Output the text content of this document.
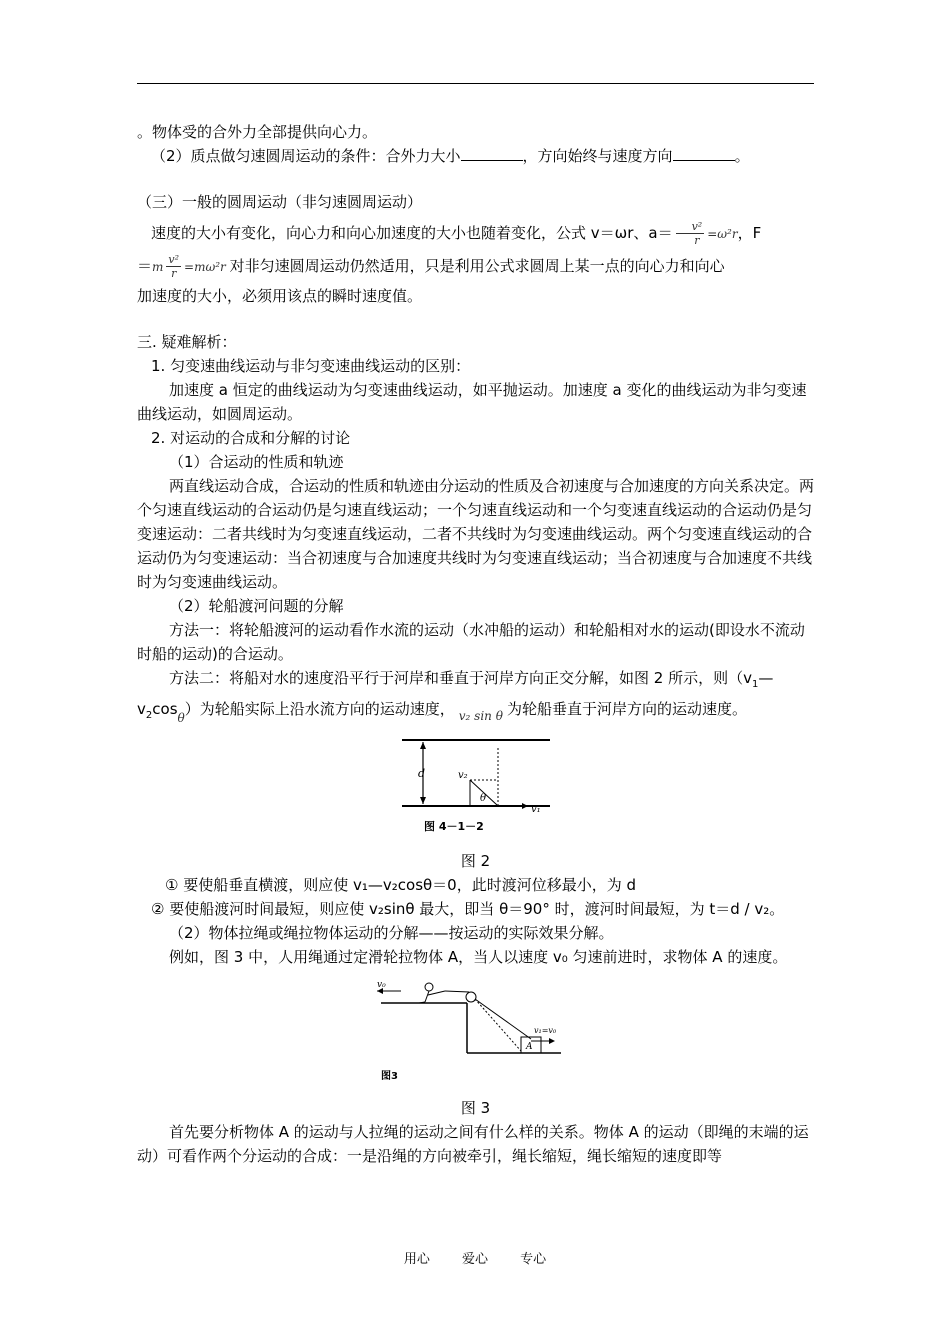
。物体受的合外力全部提供向心力。

（2）质点做匀速圆周运动的条件：合外力大小	，方向始终与速度方向	。

（三）一般的圆周运动（非匀速圆周运动）

速度的大小有变化，向心力和向心加速度的大小也随着变化，公式 v＝ωr、$a= \frac{\text{v²}}{r} =\omega^2r$，F

$=m \frac{\text{v²}}{r} =m\omega^2r$ 对非匀速圆周运动仍然适用，只是利用公式求圆周上某一点的向心力和向心

加速度的大小，必须用该点的瞬时速度值。

三. 疑难解析：

1. 匀变速曲线运动与非匀变速曲线运动的区别：

加速度 a 恒定的曲线运动为匀变速曲线运动，如平抛运动。加速度 a 变化的曲线运动为非匀变速曲线运动，如圆周运动。

2. 对运动的合成和分解的讨论

（1）合运动的性质和轨迹

两直线运动合成，合运动的性质和轨迹由分运动的性质及合初速度与合加速度的方向关系决定。两个匀速直线运动的合运动仍是匀速直线运动；一个匀速直线运动和一个匀变速直线运动的合运动仍是匀变速运动：二者共线时为匀变速直线运动，二者不共线时为匀变速曲线运动。两个匀变速直线运动的合运动仍为匀变速运动：当合初速度与合加速度共线时为匀变速直线运动；当合初速度与合加速度不共线时为匀变速曲线运动。

（2）轮船渡河问题的分解

方法一：将轮船渡河的运动看作水流的运动（水冲船的运动）和轮船相对水的运动(即设水不流动时船的运动)的合运动。

方法二：将船对水的速度沿平行于河岸和垂直于河岸方向正交分解，如图 2 所示，则$(v_1—v_2\cos_\theta)$为轮船实际上沿水流方向的运动速度， $_{v_2 sin \theta}$ 为轮船垂直于河岸方向的运动速度。

d	v₂
θ
v₁
图 4－1－2

图 2

① 要使船垂直横渡，则应使 v₁—v₂cosθ＝0，此时渡河位移最小，为 d

② 要使船渡河时间最短，则应使 v₂sinθ 最大，即当 θ＝90° 时，渡河时间最短，为 t＝d / v₂。

（2）物体拉绳或绳拉物体运动的分解——按运动的实际效果分解。

例如，图 3 中，人用绳通过定滑轮拉物体 A，当人以速度 v₀ 匀速前进时，求物体 A 的速度。

v₀
A
v₁=v₀
图3

图 3

首先要分析物体 A 的运动与人拉绳的运动之间有什么样的关系。物体 A 的运动（即绳的末端的运动）可看作两个分运动的合成：一是沿绳的方向被牵引，绳长缩短，绳长缩短的速度即等

用心 爱心 专心
